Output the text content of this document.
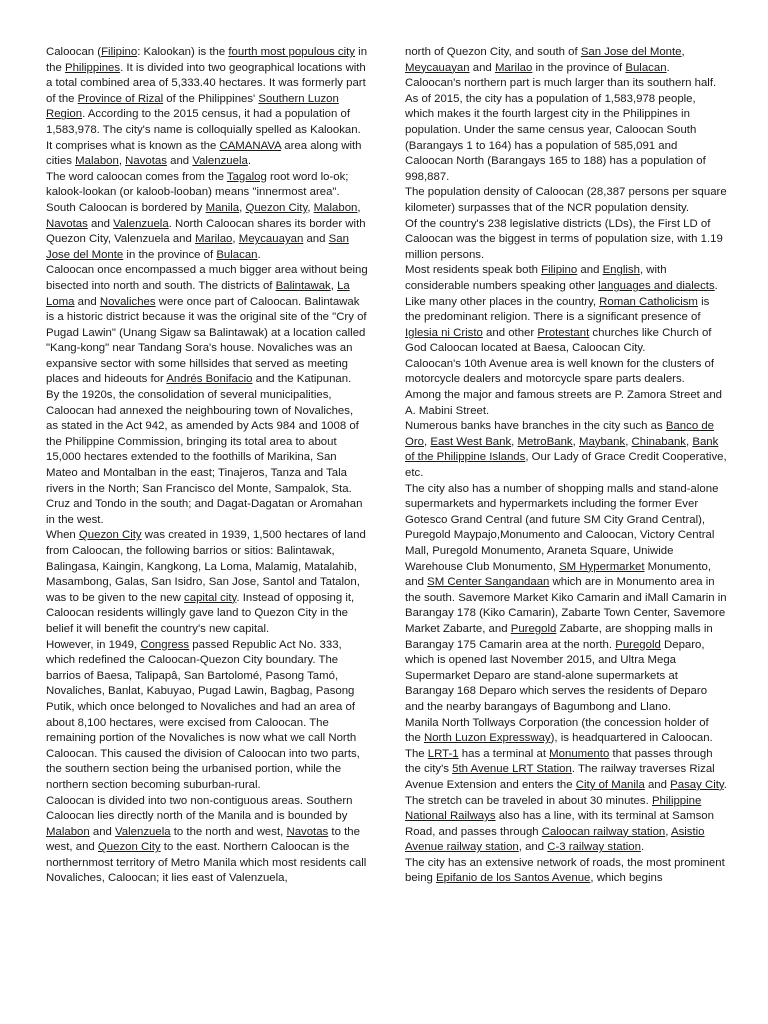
Caloocan (Filipino: Kalookan) is the fourth most populous city in the Philippines. It is divided into two geographical locations with a total combined area of 5,333.40 hectares. It was formerly part of the Province of Rizal of the Philippines' Southern Luzon Region. According to the 2015 census, it had a population of 1,583,978. The city's name is colloquially spelled as Kalookan. It comprises what is known as the CAMANAVA area along with cities Malabon, Navotas and Valenzuela.

The word caloocan comes from the Tagalog root word lo-ok; kalook-lookan (or kaloob-looban) means "innermost area". South Caloocan is bordered by Manila, Quezon City, Malabon, Navotas and Valenzuela. North Caloocan shares its border with Quezon City, Valenzuela and Marilao, Meycauayan and San Jose del Monte in the province of Bulacan.

Caloocan once encompassed a much bigger area without being bisected into north and south. The districts of Balintawak, La Loma and Novaliches were once part of Caloocan. Balintawak is a historic district because it was the original site of the "Cry of Pugad Lawin" (Unang Sigaw sa Balintawak) at a location called "Kang-kong" near Tandang Sora's house. Novaliches was an expansive sector with some hillsides that served as meeting places and hideouts for Andrés Bonifacio and the Katipunan.

By the 1920s, the consolidation of several municipalities, Caloocan had annexed the neighbouring town of Novaliches, as stated in the Act 942, as amended by Acts 984 and 1008 of the Philippine Commission, bringing its total area to about 15,000 hectares extended to the foothills of Marikina, San Mateo and Montalban in the east; Tinajeros, Tanza and Tala rivers in the North; San Francisco del Monte, Sampalok, Sta. Cruz and Tondo in the south; and Dagat-Dagatan or Aromahan in the west.

When Quezon City was created in 1939, 1,500 hectares of land from Caloocan, the following barrios or sitios: Balintawak, Balingasa, Kaingin, Kangkong, La Loma, Malamig, Matalahib, Masambong, Galas, San Isidro, San Jose, Santol and Tatalon, was to be given to the new capital city. Instead of opposing it, Caloocan residents willingly gave land to Quezon City in the belief it will benefit the country's new capital.

However, in 1949, Congress passed Republic Act No. 333, which redefined the Caloocan-Quezon City boundary. The barrios of Baesa, Talipapâ, San Bartolomé, Pasong Tamó, Novaliches, Banlat, Kabuyao, Pugad Lawin, Bagbag, Pasong Putik, which once belonged to Novaliches and had an area of about 8,100 hectares, were excised from Caloocan. The remaining portion of the Novaliches is now what we call North Caloocan. This caused the division of Caloocan into two parts, the southern section being the urbanised portion, while the northern section becoming suburban-rural.

Caloocan is divided into two non-contiguous areas. Southern Caloocan lies directly north of the Manila and is bounded by Malabon and Valenzuela to the north and west, Navotas to the west, and Quezon City to the east. Northern Caloocan is the northernmost territory of Metro Manila which most residents call Novaliches, Caloocan; it lies east of Valenzuela,

north of Quezon City, and south of San Jose del Monte, Meycauayan and Marilao in the province of Bulacan. Caloocan's northern part is much larger than its southern half.

As of 2015, the city has a population of 1,583,978 people, which makes it the fourth largest city in the Philippines in population. Under the same census year, Caloocan South (Barangays 1 to 164) has a population of 585,091 and Caloocan North (Barangays 165 to 188) has a population of 998,887.

The population density of Caloocan (28,387 persons per square kilometer) surpasses that of the NCR population density.

Of the country's 238 legislative districts (LDs), the First LD of Caloocan was the biggest in terms of population size, with 1.19 million persons.

Most residents speak both Filipino and English, with considerable numbers speaking other languages and dialects. Like many other places in the country, Roman Catholicism is the predominant religion. There is a significant presence of Iglesia ni Cristo and other Protestant churches like Church of God Caloocan located at Baesa, Caloocan City.

Caloocan's 10th Avenue area is well known for the clusters of motorcycle dealers and motorcycle spare parts dealers.

Among the major and famous streets are P. Zamora Street and A. Mabini Street.

Numerous banks have branches in the city such as Banco de Oro, East West Bank, MetroBank, Maybank, Chinabank, Bank of the Philippine Islands, Our Lady of Grace Credit Cooperative, etc.

The city also has a number of shopping malls and stand-alone supermarkets and hypermarkets including the former Ever Gotesco Grand Central (and future SM City Grand Central), Puregold Maypajo,Monumento and Caloocan, Victory Central Mall, Puregold Monumento, Araneta Square, Uniwide Warehouse Club Monumento, SM Hypermarket Monumento, and SM Center Sangandaan which are in Monumento area in the south. Savemore Market Kiko Camarin and iMall Camarin in Barangay 178 (Kiko Camarin), Zabarte Town Center, Savemore Market Zabarte, and Puregold Zabarte, are shopping malls in Barangay 175 Camarin area at the north. Puregold Deparo, which is opened last November 2015, and Ultra Mega Supermarket Deparo are stand-alone supermarkets at Barangay 168 Deparo which serves the residents of Deparo and the nearby barangays of Bagumbong and Llano.

Manila North Tollways Corporation (the concession holder of the North Luzon Expressway), is headquartered in Caloocan.

The LRT-1 has a terminal at Monumento that passes through the city's 5th Avenue LRT Station. The railway traverses Rizal Avenue Extension and enters the City of Manila and Pasay City. The stretch can be traveled in about 30 minutes. Philippine National Railways also has a line, with its terminal at Samson Road, and passes through Caloocan railway station, Asistio Avenue railway station, and C-3 railway station.

The city has an extensive network of roads, the most prominent being Epifanio de los Santos Avenue, which begins
